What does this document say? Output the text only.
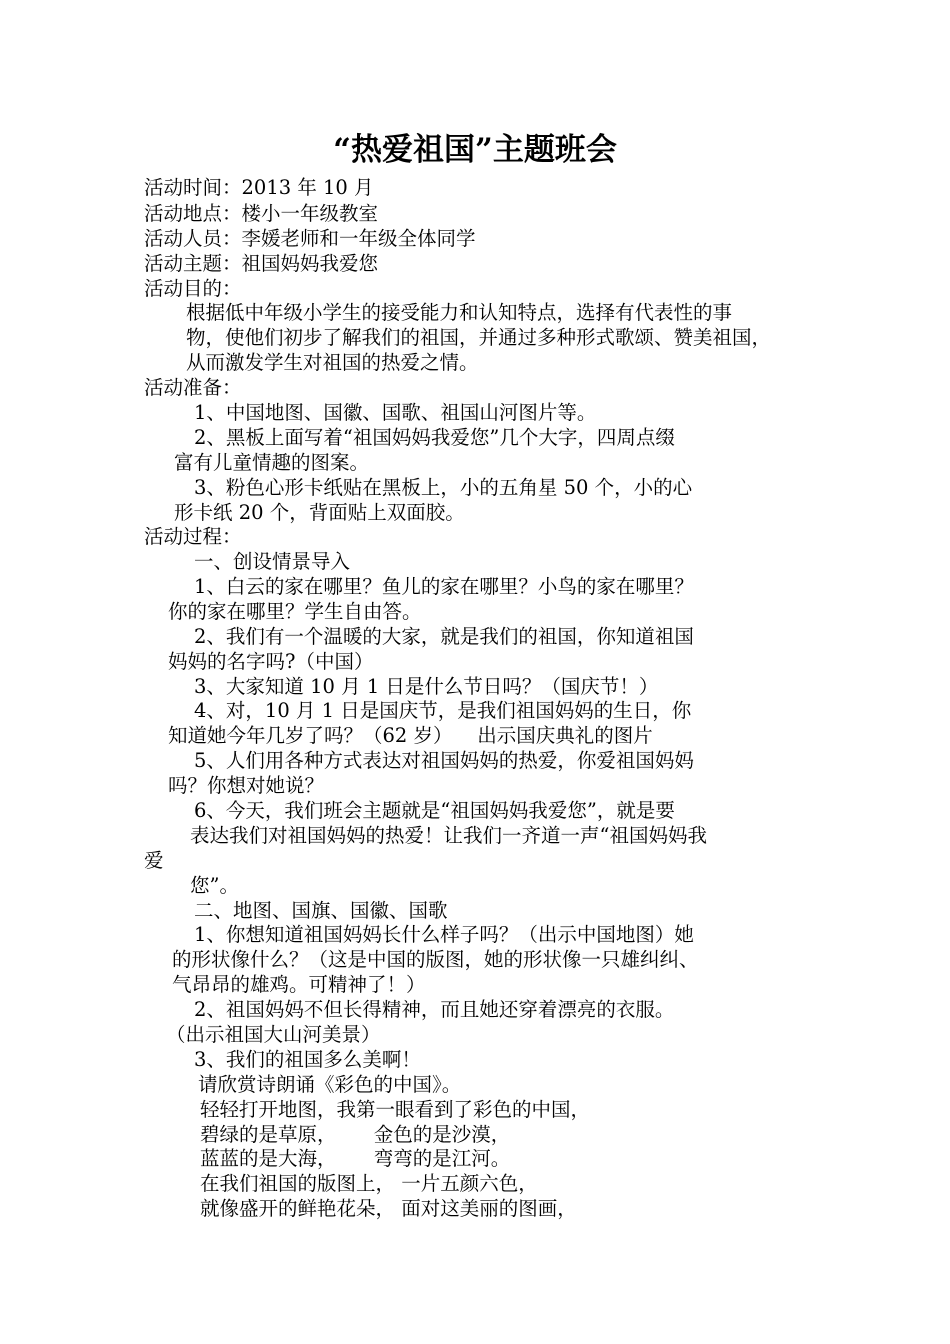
“热爱祖国”主题班会
活动时间：2013 年 10 月
活动地点：楼小一年级教室
活动人员：李媛老师和一年级全体同学
活动主题：祖国妈妈我爱您
活动目的：
根据低中年级小学生的接受能力和认知特点，选择有代表性的事
物，使他们初步了解我们的祖国，并通过多种形式歌颂、赞美祖国，
从而激发学生对祖国的热爱之情。
活动准备：
1、中国地图、国徽、国歌、祖国山河图片等。
2、黑板上面写着“祖国妈妈我爱您”几个大字，四周点缀
富有儿童情趣的图案。
3、粉色心形卡纸贴在黑板上，小的五角星 50 个，小的心
形卡纸 20 个，背面贴上双面胶。
活动过程：
一、创设情景导入
1、白云的家在哪里？鱼儿的家在哪里？小鸟的家在哪里？
你的家在哪里？学生自由答。
2、我们有一个温暖的大家，就是我们的祖国，你知道祖国
妈妈的名字吗?（中国）
3、大家知道 10 月 1 日是什么节日吗？（国庆节！）
4、对，10 月 1 日是国庆节，是我们祖国妈妈的生日，你
知道她今年几岁了吗？（62 岁）    出示国庆典礼的图片
5、人们用各种方式表达对祖国妈妈的热爱，你爱祖国妈妈
吗？你想对她说？
6、今天，我们班会主题就是“祖国妈妈我爱您”，就是要
表达我们对祖国妈妈的热爱！让我们一齐道一声“祖国妈妈我
爱
您”。
二、地图、国旗、国徽、国歌
1、你想知道祖国妈妈长什么样子吗？（出示中国地图）她
的形状像什么？（这是中国的版图，她的形状像一只雄纠纠、
气昂昂的雄鸡。可精神了！）
2、祖国妈妈不但长得精神，而且她还穿着漂亮的衣服。
（出示祖国大山河美景）
3、我们的祖国多么美啊！
请欣赏诗朗诵《彩色的中国》。
轻轻打开地图，我第一眼看到了彩色的中国，
碧绿的是草原，      金色的是沙漠，
蓝蓝的是大海，      弯弯的是江河。
在我们祖国的版图上， 一片五颜六色，
就像盛开的鲜艳花朵， 面对这美丽的图画，
